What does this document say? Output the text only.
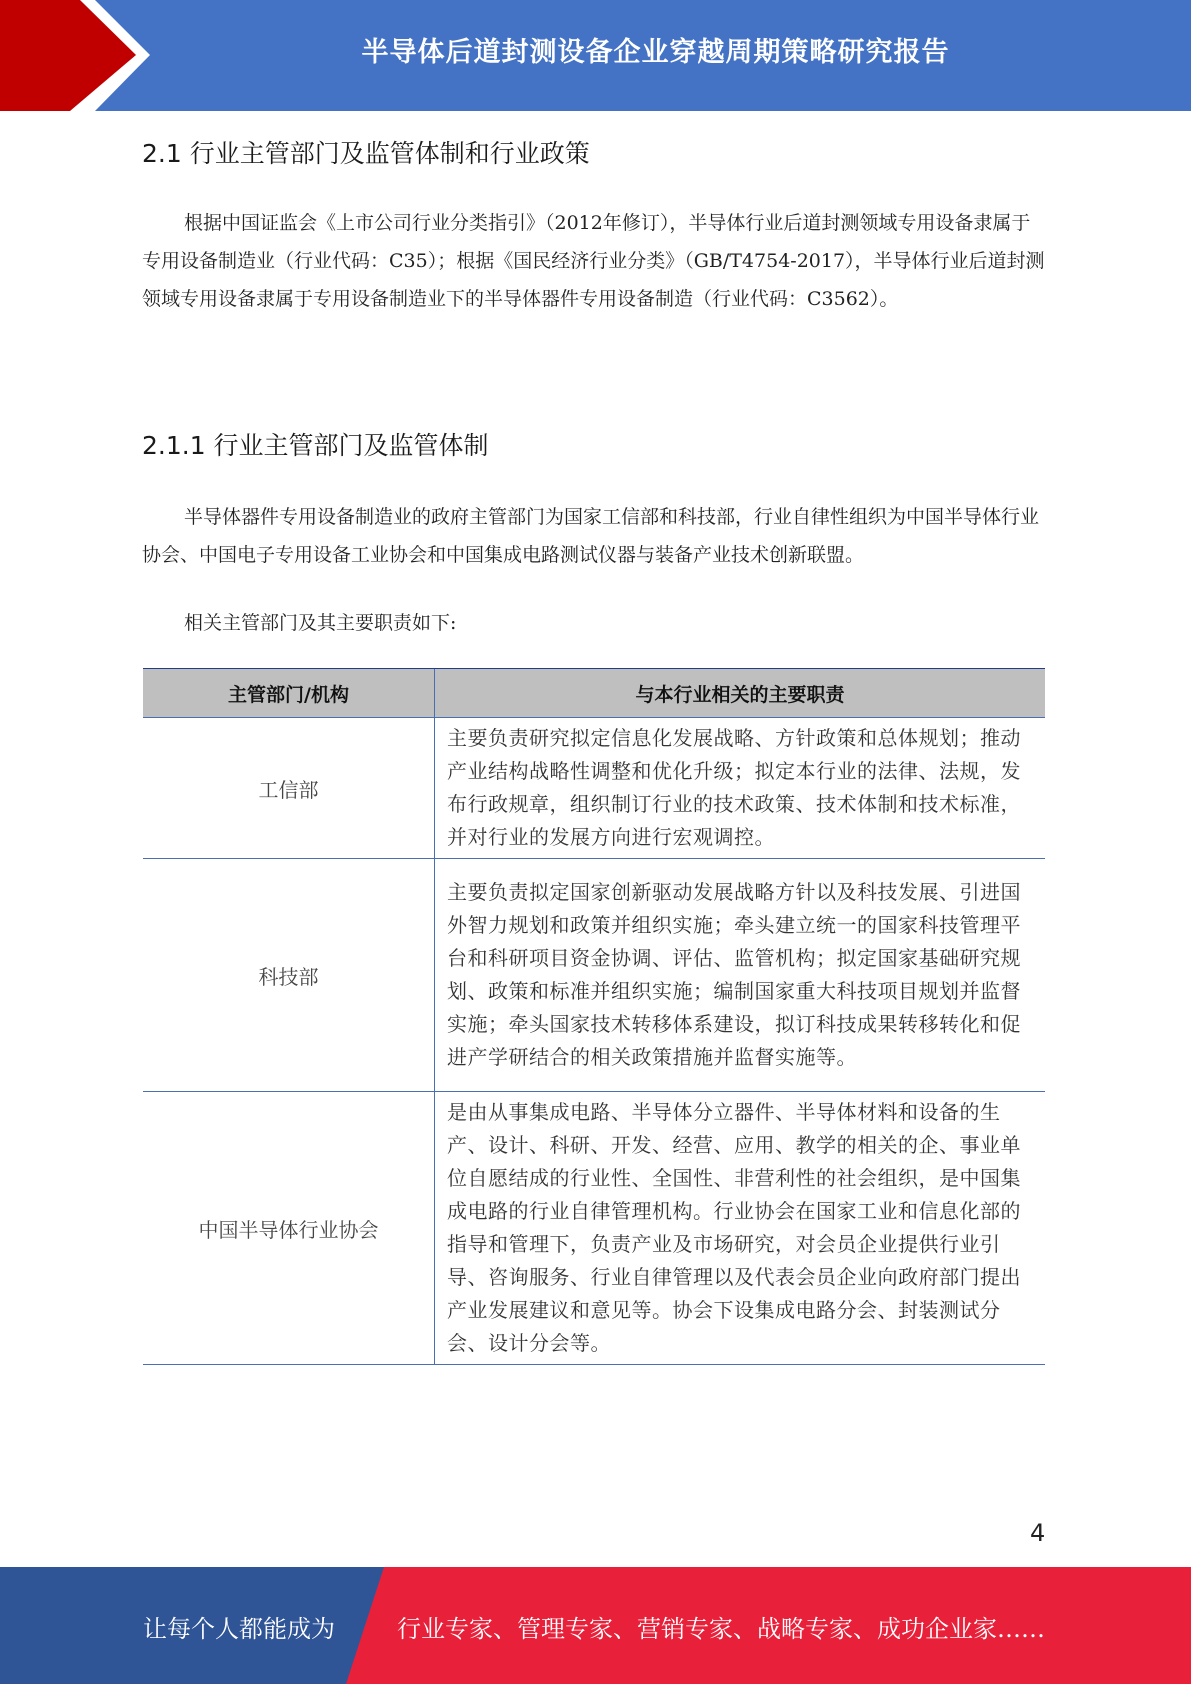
半导体后道封测设备企业穿越周期策略研究报告
2.1 行业主管部门及监管体制和行业政策

根据中国证监会《上市公司行业分类指引》（2012年修订），半导体行业后道封测领域专用设备隶属于专用设备制造业（行业代码：C35）；根据《国民经济行业分类》（GB/T4754-2017），半导体行业后道封测领域专用设备隶属于专用设备制造业下的半导体器件专用设备制造（行业代码：C3562）。

2.1.1 行业主管部门及监管体制

半导体器件专用设备制造业的政府主管部门为国家工信部和科技部，行业自律性组织为中国半导体行业协会、中国电子专用设备工业协会和中国集成电路测试仪器与装备产业技术创新联盟。

相关主管部门及其主要职责如下:

主管部门/机构	与本行业相关的主要职责
工信部	主要负责研究拟定信息化发展战略、方针政策和总体规划；推动产业结构战略性调整和优化升级；拟定本行业的法律、法规，发布行政规章，组织制订行业的技术政策、技术体制和技术标准，并对行业的发展方向进行宏观调控。
科技部	主要负责拟定国家创新驱动发展战略方针以及科技发展、引进国外智力规划和政策并组织实施；牵头建立统一的国家科技管理平台和科研项目资金协调、评估、监管机构；拟定国家基础研究规划、政策和标准并组织实施；编制国家重大科技项目规划并监督实施；牵头国家技术转移体系建设，拟订科技成果转移转化和促进产学研结合的相关政策措施并监督实施等。
中国半导体行业协会	是由从事集成电路、半导体分立器件、半导体材料和设备的生产、设计、科研、开发、经营、应用、教学的相关的企、事业单位自愿结成的行业性、全国性、非营利性的社会组织，是中国集成电路的行业自律管理机构。行业协会在国家工业和信息化部的指导和管理下，负责产业及市场研究，对会员企业提供行业引导、咨询服务、行业自律管理以及代表会员企业向政府部门提出产业发展建议和意见等。协会下设集成电路分会、封装测试分会、设计分会等。
4
让每个人都能成为	行业专家、管理专家、营销专家、战略专家、成功企业家……
